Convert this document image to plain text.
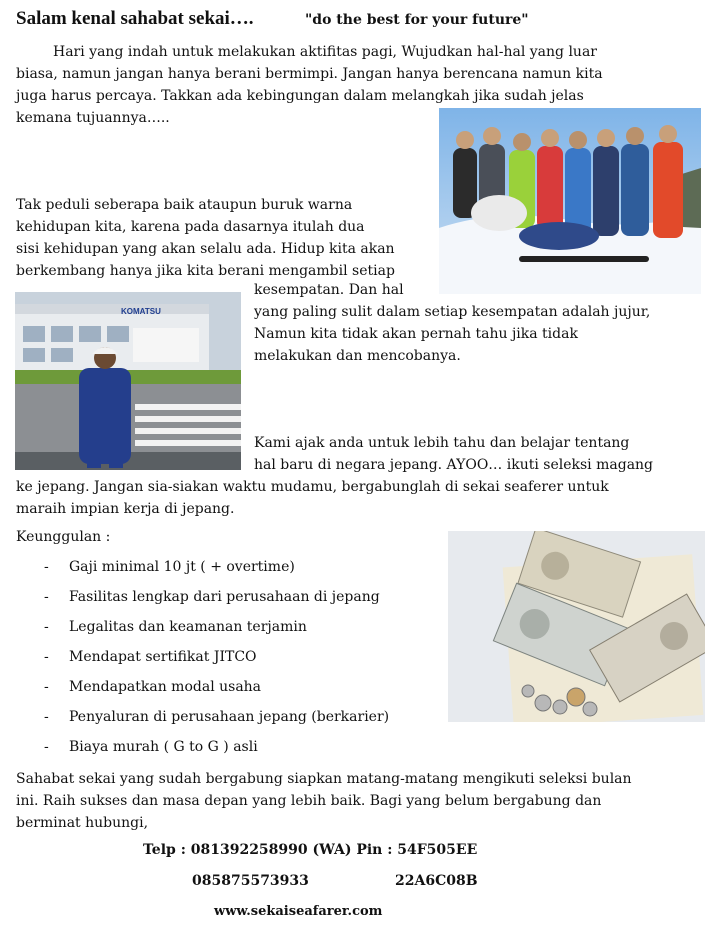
Salam kenal sahabat sekai….	"do the best for your future"

Hari yang indah untuk melakukan aktifitas pagi, Wujudkan hal-hal yang luar

biasa, namun jangan hanya berani bermimpi. Jangan hanya berencana namun kita

juga harus percaya. Takkan ada kebingungan dalam melangkah jika sudah jelas

kemana tujuannya…..

Tak peduli seberapa baik ataupun buruk warna

kehidupan kita, karena pada dasarnya itulah dua

sisi kehidupan yang akan selalu ada. Hidup kita akan

berkembang hanya jika kita berani mengambil setiap

KOMATSU

kesempatan. Dan hal

yang paling sulit dalam setiap kesempatan adalah jujur,

Namun kita tidak akan pernah tahu jika tidak

melakukan dan mencobanya.

Kami ajak anda untuk lebih tahu dan belajar tentang

hal baru di negara jepang. AYOO… ikuti seleksi magang

ke jepang. Jangan sia-siakan waktu mudamu, bergabunglah di sekai seaferer untuk

maraih impian kerja di jepang.

Keunggulan :
- Gaji minimal 10 jt ( + overtime)
- Fasilitas lengkap dari perusahaan di jepang
- Legalitas dan keamanan terjamin
- Mendapat sertifikat JITCO
- Mendapatkan modal usaha
- Penyaluran di perusahaan jepang (berkarier)
- Biaya murah ( G to G ) asli

Sahabat sekai yang sudah bergabung siapkan matang-matang mengikuti seleksi bulan

ini. Raih sukses dan masa depan yang lebih baik. Bagi yang belum bergabung dan

berminat hubungi,

Telp : 081392258990 (WA) Pin : 54F505EE
085875573933	22A6C08B
www.sekaiseafarer.com
